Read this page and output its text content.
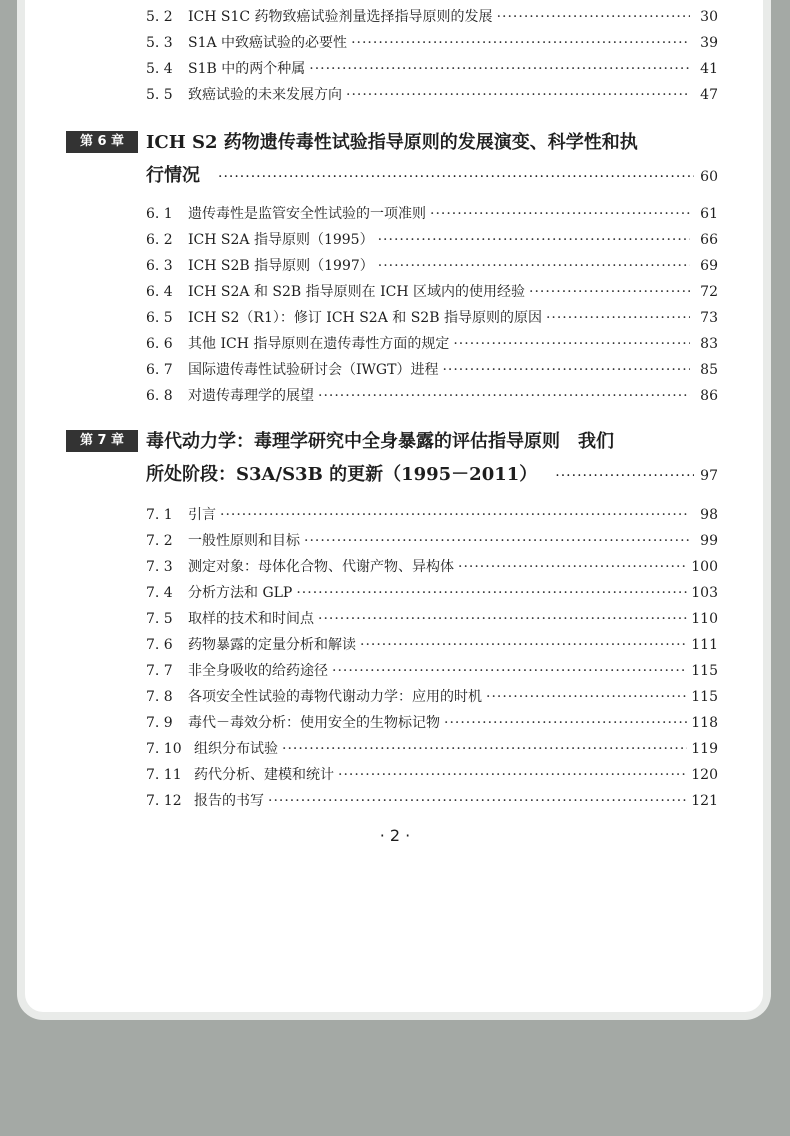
5. 2	ICH S1C 药物致癌试验剂量选择指导原则的发展 ·····	30
5. 3	S1A 中致癌试验的必要性 ·····	39
5. 4	S1B 中的两个种属 ·····	41
5. 5	致癌试验的未来发展方向 ·····	47
第 6 章	ICH S2 药物遗传毒性试验指导原则的发展演变、科学性和执
行情况 ·····	60
6. 1	遗传毒性是监管安全性试验的一项准则 ·····	61
6. 2	ICH S2A 指导原则（1995） ·····	66
6. 3	ICH S2B 指导原则（1997） ·····	69
6. 4	ICH S2A 和 S2B 指导原则在 ICH 区域内的使用经验 ·····	72
6. 5	ICH S2（R1）：修订 ICH S2A 和 S2B 指导原则的原因 ·····	73
6. 6	其他 ICH 指导原则在遗传毒性方面的规定 ·····	83
6. 7	国际遗传毒性试验研讨会（IWGT）进程 ·····	85
6. 8	对遗传毒理学的展望 ·····	86
第 7 章	毒代动力学：毒理学研究中全身暴露的评估指导原则　我们
所处阶段：S3A/S3B 的更新（1995－2011） ·····	97
7. 1	引言 ·····	98
7. 2	一般性原则和目标 ·····	99
7. 3	测定对象：母体化合物、代谢产物、异构体 ·····	100
7. 4	分析方法和 GLP ·····	103
7. 5	取样的技术和时间点 ·····	110
7. 6	药物暴露的定量分析和解读 ·····	111
7. 7	非全身吸收的给药途径 ·····	115
7. 8	各项安全性试验的毒物代谢动力学：应用的时机 ·····	115
7. 9	毒代－毒效分析：使用安全的生物标记物 ·····	118
7. 10 组织分布试验 ·····	119
7. 11 药代分析、建模和统计 ·····	120
7. 12 报告的书写 ·····	121
· 2 ·
